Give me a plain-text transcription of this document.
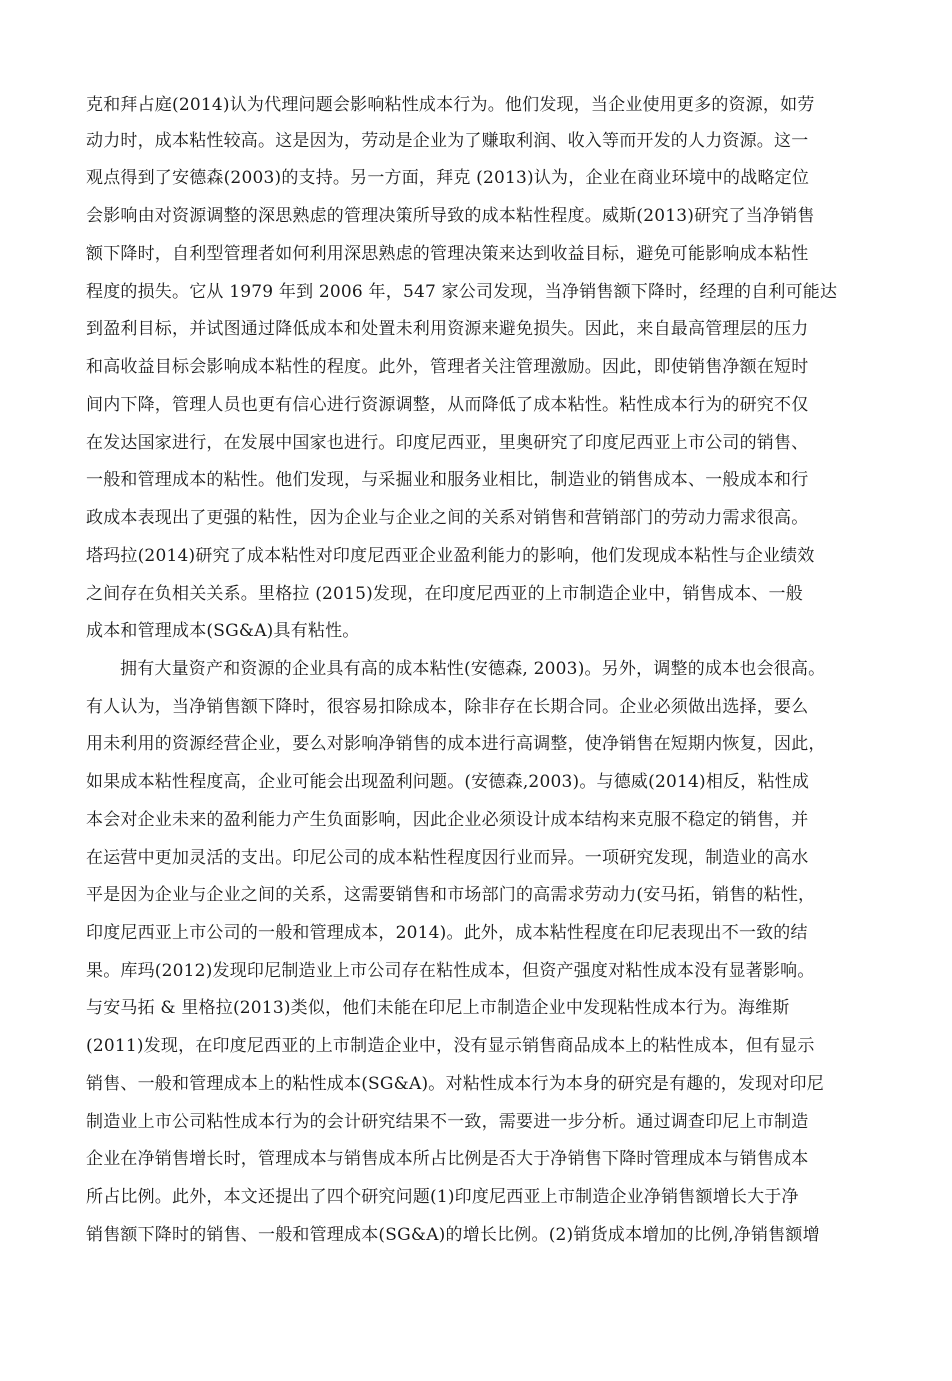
克和拜占庭(2014)认为代理问题会影响粘性成本行为。他们发现，当企业使用更多的资源，如劳
动力时，成本粘性较高。这是因为，劳动是企业为了赚取利润、收入等而开发的人力资源。这一
观点得到了安德森(2003)的支持。另一方面，拜克 (2013)认为，企业在商业环境中的战略定位
会影响由对资源调整的深思熟虑的管理决策所导致的成本粘性程度。威斯(2013)研究了当净销售
额下降时，自利型管理者如何利用深思熟虑的管理决策来达到收益目标，避免可能影响成本粘性
程度的损失。它从 1979 年到 2006 年，547 家公司发现，当净销售额下降时，经理的自利可能达
到盈利目标，并试图通过降低成本和处置未利用资源来避免损失。因此，来自最高管理层的压力
和高收益目标会影响成本粘性的程度。此外，管理者关注管理激励。因此，即使销售净额在短时
间内下降，管理人员也更有信心进行资源调整，从而降低了成本粘性。粘性成本行为的研究不仅
在发达国家进行，在发展中国家也进行。印度尼西亚，里奥研究了印度尼西亚上市公司的销售、
一般和管理成本的粘性。他们发现，与采掘业和服务业相比，制造业的销售成本、一般成本和行
政成本表现出了更强的粘性，因为企业与企业之间的关系对销售和营销部门的劳动力需求很高。
塔玛拉(2014)研究了成本粘性对印度尼西亚企业盈利能力的影响，他们发现成本粘性与企业绩效
之间存在负相关关系。里格拉 (2015)发现，在印度尼西亚的上市制造企业中，销售成本、一般
成本和管理成本(SG&A)具有粘性。
拥有大量资产和资源的企业具有高的成本粘性(安德森, 2003)。另外，调整的成本也会很高。
有人认为，当净销售额下降时，很容易扣除成本，除非存在长期合同。企业必须做出选择，要么
用未利用的资源经营企业，要么对影响净销售的成本进行高调整，使净销售在短期内恢复，因此，
如果成本粘性程度高，企业可能会出现盈利问题。(安德森,2003)。与德威(2014)相反，粘性成
本会对企业未来的盈利能力产生负面影响，因此企业必须设计成本结构来克服不稳定的销售，并
在运营中更加灵活的支出。印尼公司的成本粘性程度因行业而异。一项研究发现，制造业的高水
平是因为企业与企业之间的关系，这需要销售和市场部门的高需求劳动力(安马拓，销售的粘性，
印度尼西亚上市公司的一般和管理成本，2014)。此外，成本粘性程度在印尼表现出不一致的结
果。库玛(2012)发现印尼制造业上市公司存在粘性成本，但资产强度对粘性成本没有显著影响。
与安马拓 & 里格拉(2013)类似，他们未能在印尼上市制造企业中发现粘性成本行为。海维斯
(2011)发现，在印度尼西亚的上市制造企业中，没有显示销售商品成本上的粘性成本，但有显示
销售、一般和管理成本上的粘性成本(SG&A)。对粘性成本行为本身的研究是有趣的，发现对印尼
制造业上市公司粘性成本行为的会计研究结果不一致，需要进一步分析。通过调查印尼上市制造
企业在净销售增长时，管理成本与销售成本所占比例是否大于净销售下降时管理成本与销售成本
所占比例。此外，本文还提出了四个研究问题(1)印度尼西亚上市制造企业净销售额增长大于净
销售额下降时的销售、一般和管理成本(SG&A)的增长比例。(2)销货成本增加的比例,净销售额增
